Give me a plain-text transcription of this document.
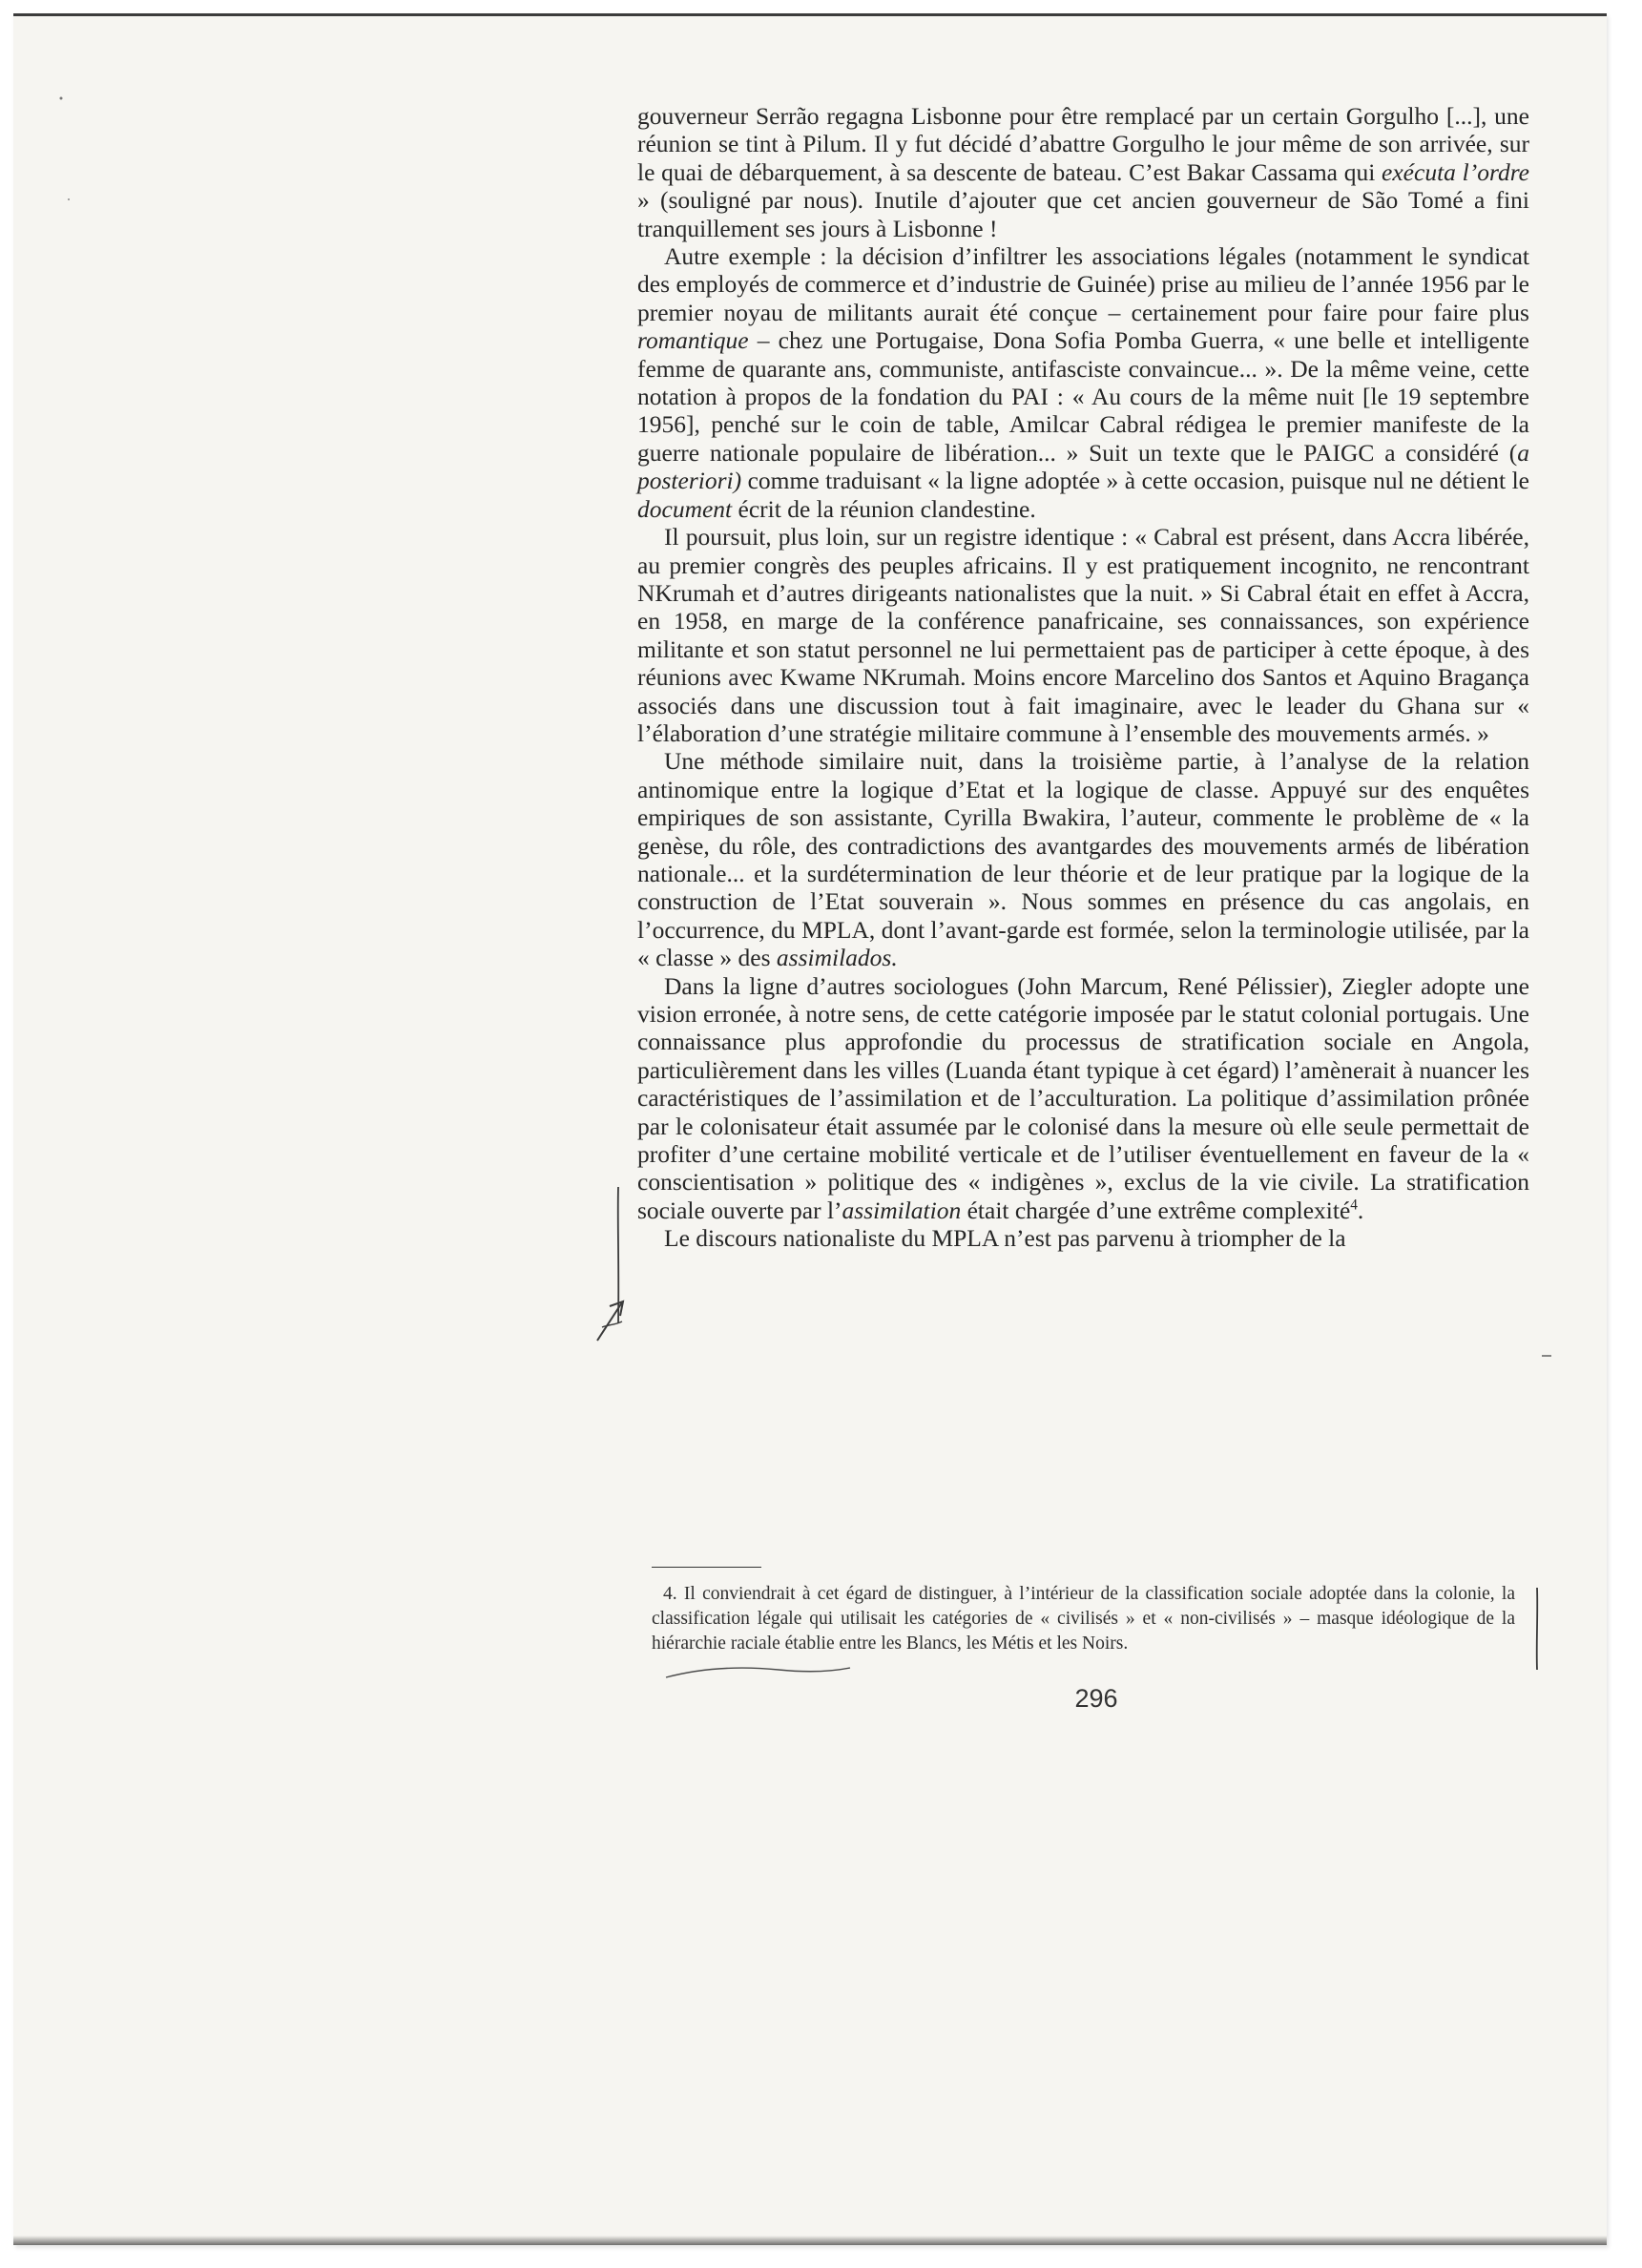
gouverneur Serrão regagna Lisbonne pour être remplacé par un certain Gorgulho [...], une réunion se tint à Pilum. Il y fut décidé d’abattre Gorgulho le jour même de son arrivée, sur le quai de débarquement, à sa descente de bateau. C’est Bakar Cassama qui exécuta l’ordre » (souligné par nous). Inutile d’ajouter que cet ancien gouverneur de São Tomé a fini tranquillement ses jours à Lisbonne !

Autre exemple : la décision d’infiltrer les associations légales (notamment le syndicat des employés de commerce et d’industrie de Guinée) prise au milieu de l’année 1956 par le premier noyau de militants aurait été conçue – certainement pour faire pour faire plus romantique – chez une Portugaise, Dona Sofia Pomba Guerra, « une belle et intelligente femme de quarante ans, communiste, antifasciste convaincue... ». De la même veine, cette notation à propos de la fondation du PAI : « Au cours de la même nuit [le 19 septembre 1956], penché sur le coin de table, Amilcar Cabral rédigea le premier manifeste de la guerre nationale populaire de libération... » Suit un texte que le PAIGC a considéré (a posteriori) comme traduisant « la ligne adoptée » à cette occasion, puisque nul ne détient le document écrit de la réunion clandestine.

Il poursuit, plus loin, sur un registre identique : « Cabral est présent, dans Accra libérée, au premier congrès des peuples africains. Il y est pratiquement incognito, ne rencontrant NKrumah et d’autres dirigeants nationalistes que la nuit. » Si Cabral était en effet à Accra, en 1958, en marge de la conférence panafricaine, ses connaissances, son expérience militante et son statut personnel ne lui permettaient pas de participer à cette époque, à des réunions avec Kwame NKrumah. Moins encore Marcelino dos Santos et Aquino Bragança associés dans une discussion tout à fait imaginaire, avec le leader du Ghana sur « l’élaboration d’une stratégie militaire commune à l’ensemble des mouvements armés. »

Une méthode similaire nuit, dans la troisième partie, à l’analyse de la relation antinomique entre la logique d’Etat et la logique de classe. Appuyé sur des enquêtes empiriques de son assistante, Cyrilla Bwakira, l’auteur, commente le problème de « la genèse, du rôle, des contradictions des avantgardes des mouvements armés de libération nationale... et la surdétermination de leur théorie et de leur pratique par la logique de la construction de l’Etat souverain ». Nous sommes en présence du cas angolais, en l’occurrence, du MPLA, dont l’avant-garde est formée, selon la terminologie utilisée, par la « classe » des assimilados.

Dans la ligne d’autres sociologues (John Marcum, René Pélissier), Ziegler adopte une vision erronée, à notre sens, de cette catégorie imposée par le statut colonial portugais. Une connaissance plus approfondie du processus de stratification sociale en Angola, particulièrement dans les villes (Luanda étant typique à cet égard) l’amènerait à nuancer les caractéristiques de l’assimilation et de l’acculturation. La politique d’assimilation prônée par le colonisateur était assumée par le colonisé dans la mesure où elle seule permettait de profiter d’une certaine mobilité verticale et de l’utiliser éventuellement en faveur de la « conscientisation » politique des « indigènes », exclus de la vie civile. La stratification sociale ouverte par l’assimilation était chargée d’une extrême complexité$^4$.

Le discours nationaliste du MPLA n’est pas parvenu à triompher de la

4. Il conviendrait à cet égard de distinguer, à l’intérieur de la classification sociale adoptée dans la colonie, la classification légale qui utilisait les catégories de « civilisés » et « non-civilisés » – masque idéologique de la hiérarchie raciale établie entre les Blancs, les Métis et les Noirs.

296
